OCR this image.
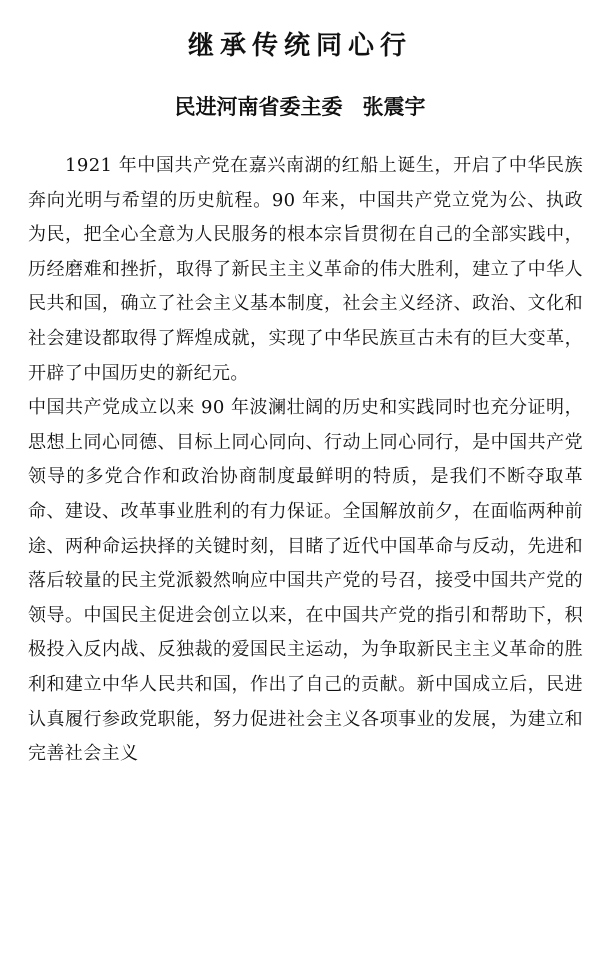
继承传统同心行
民进河南省委主委 张震宇

1921 年中国共产党在嘉兴南湖的红船上诞生，开启了中华民族奔向光明与希望的历史航程。90 年来，中国共产党立党为公、执政为民，把全心全意为人民服务的根本宗旨贯彻在自己的全部实践中，历经磨难和挫折，取得了新民主主义革命的伟大胜利，建立了中华人民共和国，确立了社会主义基本制度，社会主义经济、政治、文化和社会建设都取得了辉煌成就，实现了中华民族亘古未有的巨大变革，开辟了中国历史的新纪元。

中国共产党成立以来 90 年波澜壮阔的历史和实践同时也充分证明，思想上同心同德、目标上同心同向、行动上同心同行，是中国共产党领导的多党合作和政治协商制度最鲜明的特质，是我们不断夺取革命、建设、改革事业胜利的有力保证。全国解放前夕，在面临两种前途、两种命运抉择的关键时刻，目睹了近代中国革命与反动，先进和落后较量的民主党派毅然响应中国共产党的号召，接受中国共产党的领导。中国民主促进会创立以来，在中国共产党的指引和帮助下，积极投入反内战、反独裁的爱国民主运动，为争取新民主主义革命的胜利和建立中华人民共和国，作出了自己的贡献。新中国成立后，民进认真履行参政党职能，努力促进社会主义各项事业的发展，为建立和完善社会主义
